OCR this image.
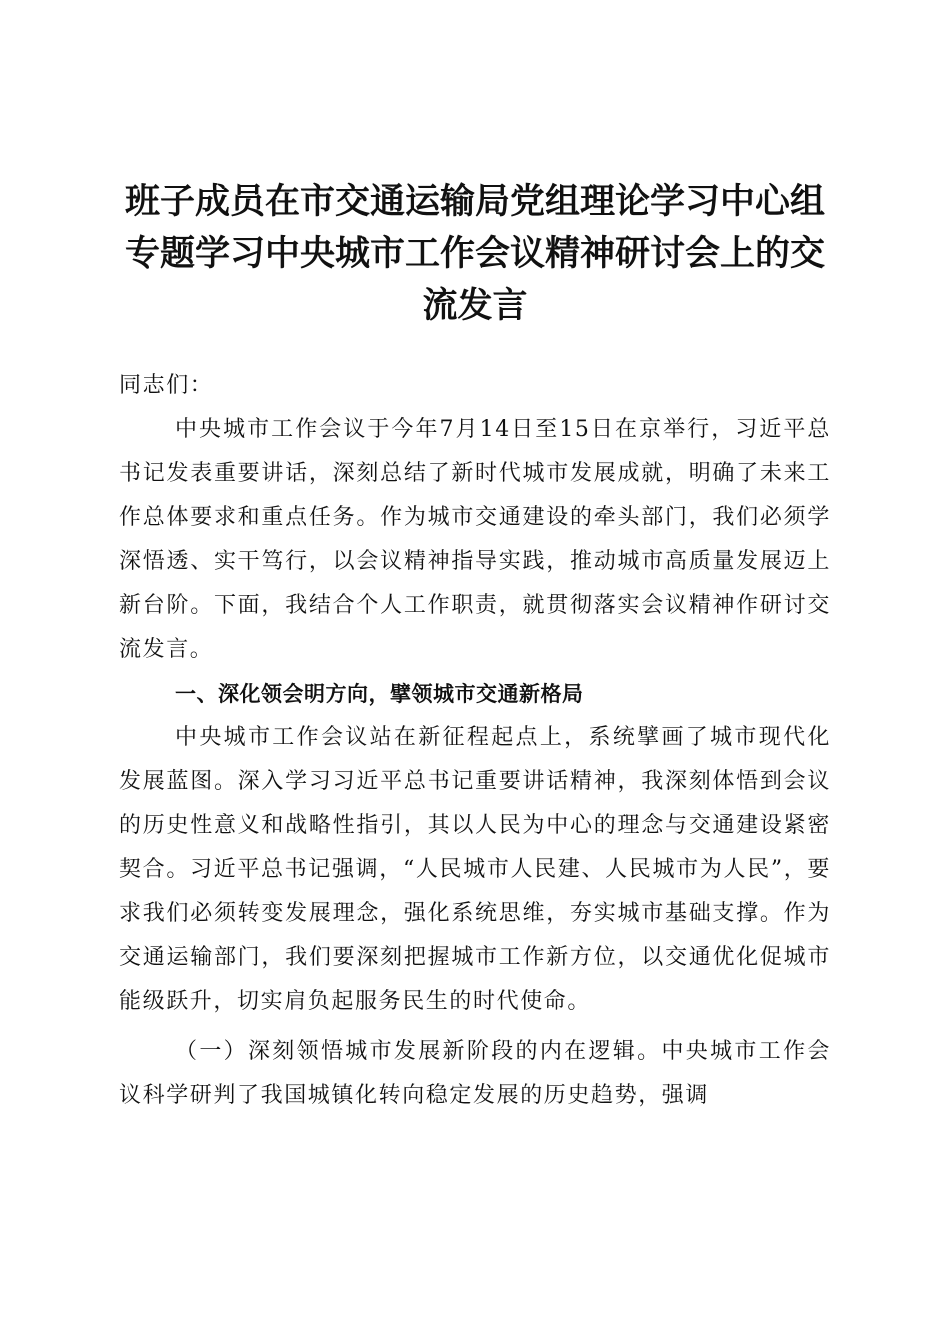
班子成员在市交通运输局党组理论学习中心组专题学习中央城市工作会议精神研讨会上的交流发言

同志们：

中央城市工作会议于今年7月14日至15日在京举行，习近平总书记发表重要讲话，深刻总结了新时代城市发展成就，明确了未来工作总体要求和重点任务。作为城市交通建设的牵头部门，我们必须学深悟透、实干笃行，以会议精神指导实践，推动城市高质量发展迈上新台阶。下面，我结合个人工作职责，就贯彻落实会议精神作研讨交流发言。

一、深化领会明方向，擘领城市交通新格局

中央城市工作会议站在新征程起点上，系统擘画了城市现代化发展蓝图。深入学习习近平总书记重要讲话精神，我深刻体悟到会议的历史性意义和战略性指引，其以人民为中心的理念与交通建设紧密契合。习近平总书记强调，“人民城市人民建、人民城市为人民”，要求我们必须转变发展理念，强化系统思维，夯实城市基础支撑。作为交通运输部门，我们要深刻把握城市工作新方位，以交通优化促城市能级跃升，切实肩负起服务民生的时代使命。

（一）深刻领悟城市发展新阶段的内在逻辑。中央城市工作会议科学研判了我国城镇化转向稳定发展的历史趋势，强调
